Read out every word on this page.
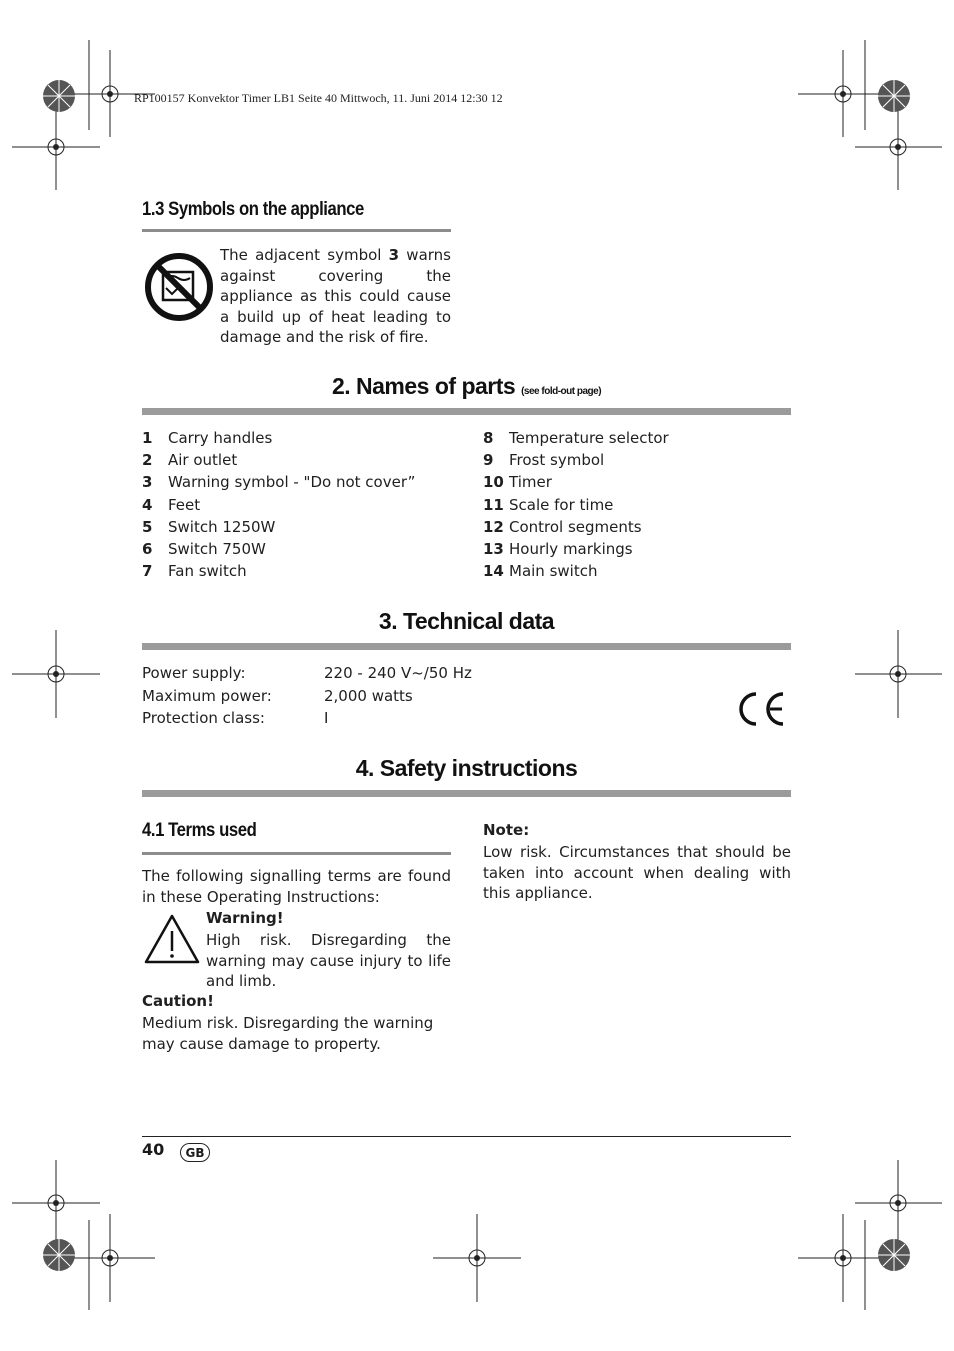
RP100157 Konvektor Timer LB1 Seite 40 Mittwoch, 11. Juni 2014 12:30 12
1.3 Symbols on the appliance
The adjacent symbol 3 warns against covering the appliance as this could cause a build up of heat leading to damage and the risk of fire.
2. Names of parts (see fold-out page)
1 Carry handles
2 Air outlet
3 Warning symbol - "Do not cover”
4 Feet
5 Switch 1250W
6 Switch 750W
7 Fan switch
8 Temperature selector
9 Frost symbol
10 Timer
11 Scale for time
12 Control segments
13 Hourly markings
14 Main switch
3. Technical data
Power supply:	220 - 240 V~/50 Hz
Maximum power:	2,000 watts
Protection class:	I
4. Safety instructions
4.1 Terms used
The following signalling terms are found in these Operating Instructions:
Warning!
High risk. Disregarding the warning may cause injury to life and limb.
Caution!
Medium risk. Disregarding the warning may cause damage to property.
Note:
Low risk. Circumstances that should be taken into account when dealing with this appliance.
40	GB
